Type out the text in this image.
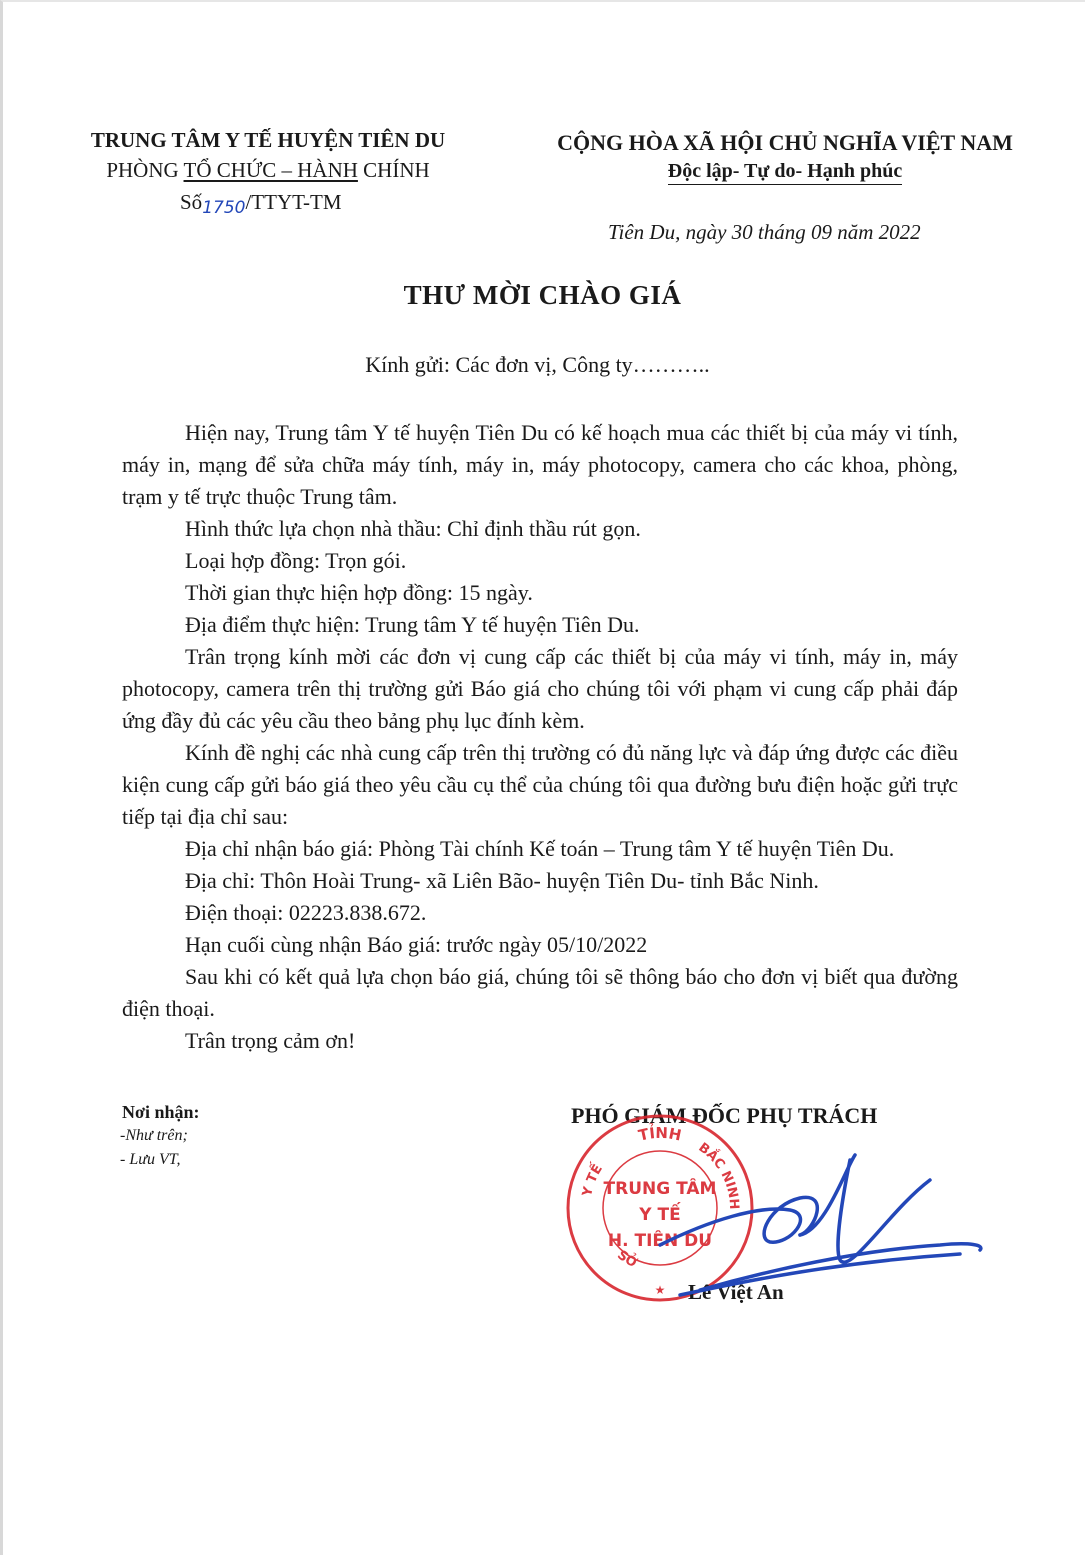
TRUNG TÂM Y TẾ HUYỆN TIÊN DU
PHÒNG TỔ CHỨC – HÀNH CHÍNH
Số1750/TTYT-TM
CỘNG HÒA XÃ HỘI CHỦ NGHĨA VIỆT NAM
Độc lập- Tự do- Hạnh phúc
Tiên Du, ngày 30 tháng 09 năm 2022
THƯ MỜI CHÀO GIÁ
Kính gửi: Các đơn vị, Công ty………..

Hiện nay, Trung tâm Y tế huyện Tiên Du có kế hoạch mua các thiết bị của máy vi tính, máy in, mạng để sửa chữa máy tính, máy in, máy photocopy, camera cho các khoa, phòng, trạm y tế trực thuộc Trung tâm.

Hình thức lựa chọn nhà thầu: Chỉ định thầu rút gọn.

Loại hợp đồng: Trọn gói.

Thời gian thực hiện hợp đồng: 15 ngày.

Địa điểm thực hiện: Trung tâm Y tế huyện Tiên Du.

Trân trọng kính mời các đơn vị cung cấp các thiết bị của máy vi tính, máy in, máy photocopy, camera trên thị trường gửi Báo giá cho chúng tôi với phạm vi cung cấp phải đáp ứng đầy đủ các yêu cầu theo bảng phụ lục đính kèm.

Kính đề nghị các nhà cung cấp trên thị trường có đủ năng lực và đáp ứng được các điều kiện cung cấp gửi báo giá theo yêu cầu cụ thể của chúng tôi qua đường bưu điện hoặc gửi trực tiếp tại địa chỉ sau:

Địa chỉ nhận báo giá: Phòng Tài chính Kế toán – Trung tâm Y tế huyện Tiên Du.

Địa chỉ: Thôn Hoài Trung- xã Liên Bão- huyện Tiên Du- tỉnh Bắc Ninh.

Điện thoại: 02223.838.672.

Hạn cuối cùng nhận Báo giá: trước ngày 05/10/2022

Sau khi có kết quả lựa chọn báo giá, chúng tôi sẽ thông báo cho đơn vị biết qua đường điện thoại.

Trân trọng cảm ơn!

Nơi nhận:
-Như trên;
- Lưu VT,
PHÓ GIÁM ĐỐC PHỤ TRÁCH
TỈNH
BẮC NINH
Y TẾ
SỞ
TRUNG TÂM
Y TẾ
H. TIÊN DU
★ Lê Việt An
